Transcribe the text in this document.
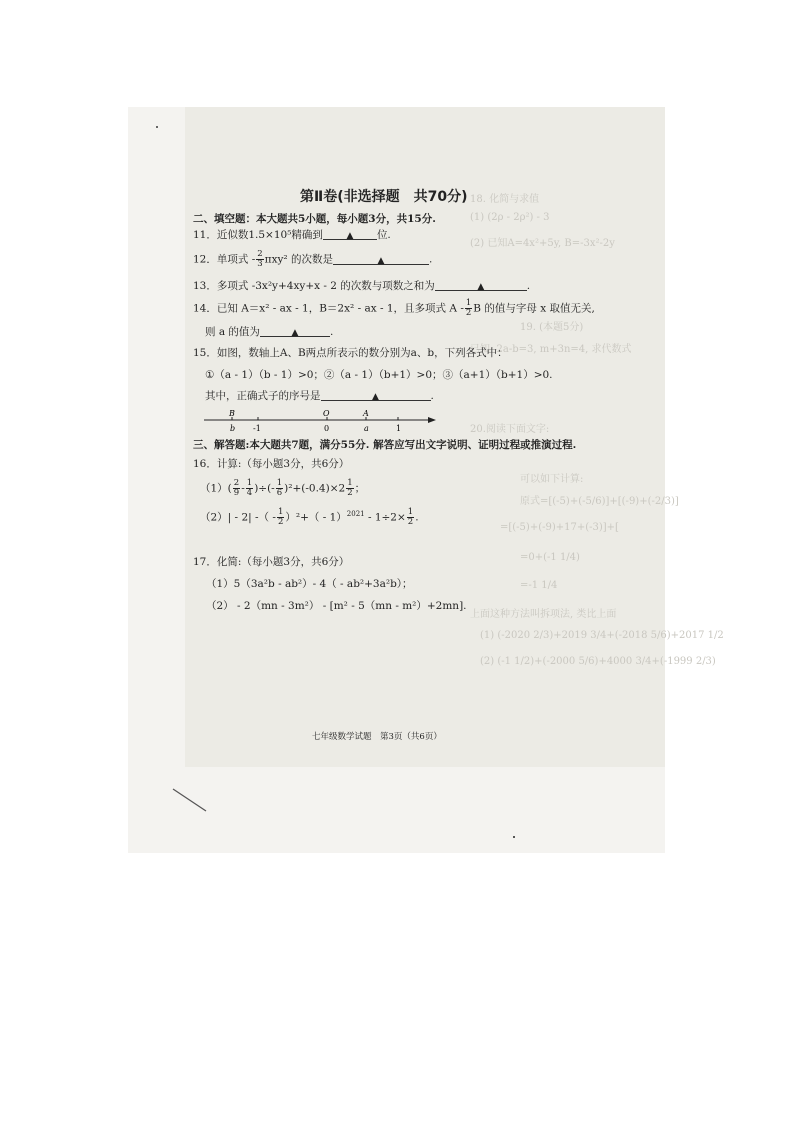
18. 化简与求值
(1) (2ρ - 2ρ²) - 3
(2) 已知A=4x²+5y, B=-3x²-2y
19. (本题5分)
已知: 2a-b=3, m+3n=4, 求代数式
20.阅读下面文字:
可以如下计算:
原式=[(-5)+(-5/6)]+[(-9)+(-2/3)]
=[(-5)+(-9)+17+(-3)]+[
=0+(-1 1/4)
=-1 1/4
上面这种方法叫拆项法, 类比上面
(1) (-2020 2/3)+2019 3/4+(-2018 5/6)+2017 1/2
(2) (-1 1/2)+(-2000 5/6)+4000 3/4+(-1999 2/3)
第Ⅱ卷(非选择题　共70分)
二、填空题：本大题共5小题，每小题3分，共15分.
11．近似数1.5×10⁵精确到	▲ 位.
12．单项式 - $\frac{2}{3} \pi xy^2$ 的次数是	▲	.
13．多项式 -3x²y+4xy+x - 2 的次数与项数之和为	▲	.
14．已知 A＝x² - ax - 1，B＝2x² - ax - 1，且多项式 A - $\frac{1}{2}$ B 的值与字母 x 取值无关,
则 a 的值为	▲	.
15．如图，数轴上A、B两点所表示的数分别为a、b，下列各式中：
①（a - 1）（b - 1）>0；②（a - 1）（b+1）>0；③（a+1）（b+1）>0.
其中，正确式子的序号是	▲	.
B
b -1
O
0
A
a	1
三、解答题:本大题共7题，满分55分. 解答应写出文字说明、证明过程或推演过程.
16．计算:（每小题3分，共6分）
$(1)( \frac{2}{9} - \frac{1}{4}$ )÷(- $\frac{1}{6} )^2+(-0.4)\times 2 \frac{1}{2}$ ；
（2）| - 2| -（ - $\frac{1}{2} )^2+( - 1)^{2021} - 1\div 2\times \frac{1}{2}$ .
17．化简:（每小题3分，共6分）
（1）5（3a²b - ab²）- 4（ - ab²+3a²b）；
（2） - 2（mn - 3m²） - [m² - 5（mn - m²）+2mn].
七年级数学试题　第3页（共6页）
